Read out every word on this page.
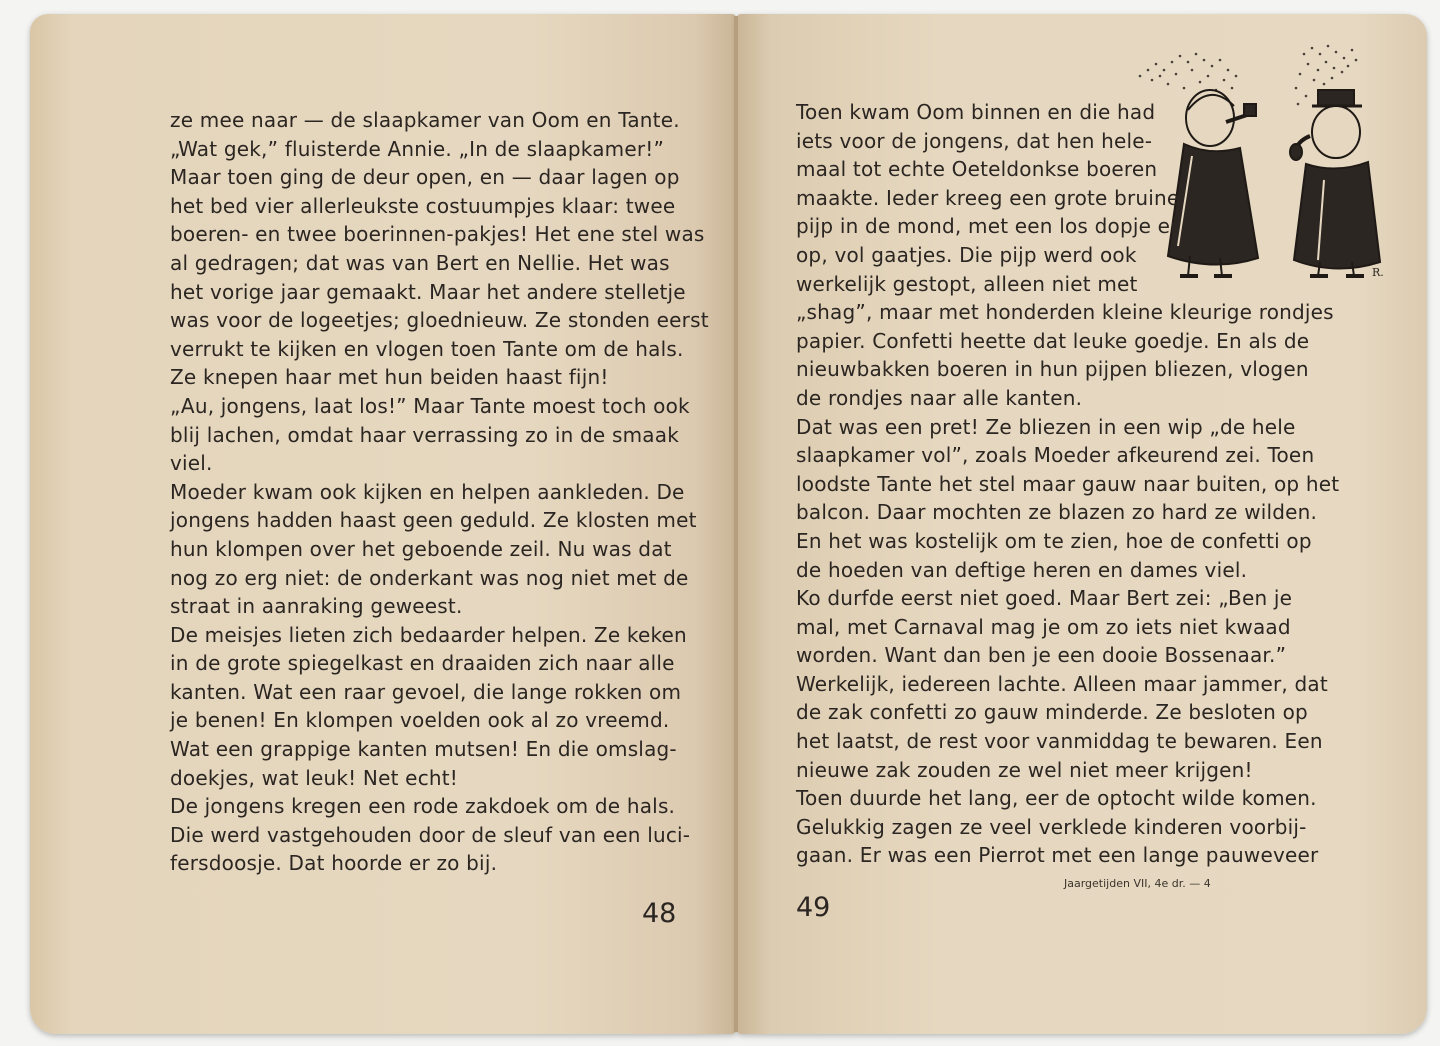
ze mee naar — de slaapkamer van Oom en Tante.
„Wat gek,” fluisterde Annie. „In de slaapkamer!”
Maar toen ging de deur open, en — daar lagen op
het bed vier allerleukste costuumpjes klaar: twee
boeren- en twee boerinnen-pakjes! Het ene stel was
al gedragen; dat was van Bert en Nellie. Het was
het vorige jaar gemaakt. Maar het andere stelletje
was voor de logeetjes; gloednieuw. Ze stonden eerst
verrukt te kijken en vlogen toen Tante om de hals.
Ze knepen haar met hun beiden haast fijn!
„Au, jongens, laat los!” Maar Tante moest toch ook
blij lachen, omdat haar verrassing zo in de smaak
viel.
Moeder kwam ook kijken en helpen aankleden. De
jongens hadden haast geen geduld. Ze klosten met
hun klompen over het geboende zeil. Nu was dat
nog zo erg niet: de onderkant was nog niet met de
straat in aanraking geweest.
De meisjes lieten zich bedaarder helpen. Ze keken
in de grote spiegelkast en draaiden zich naar alle
kanten. Wat een raar gevoel, die lange rokken om
je benen! En klompen voelden ook al zo vreemd.
Wat een grappige kanten mutsen! En die omslag-
doekjes, wat leuk! Net echt!
De jongens kregen een rode zakdoek om de hals.
Die werd vastgehouden door de sleuf van een luci-
fersdoosje. Dat hoorde er zo bij.
48
R.
Toen kwam Oom binnen en die had
iets voor de jongens, dat hen hele-
maal tot echte Oeteldonkse boeren
maakte. Ieder kreeg een grote bruine
pijp in de mond, met een los dopje er
op, vol gaatjes. Die pijp werd ook
werkelijk gestopt, alleen niet met
„shag”, maar met honderden kleine kleurige rondjes
papier. Confetti heette dat leuke goedje. En als de
nieuwbakken boeren in hun pijpen bliezen, vlogen
de rondjes naar alle kanten.
Dat was een pret! Ze bliezen in een wip „de hele
slaapkamer vol”, zoals Moeder afkeurend zei. Toen
loodste Tante het stel maar gauw naar buiten, op het
balcon. Daar mochten ze blazen zo hard ze wilden.
En het was kostelijk om te zien, hoe de confetti op
de hoeden van deftige heren en dames viel.
Ko durfde eerst niet goed. Maar Bert zei: „Ben je
mal, met Carnaval mag je om zo iets niet kwaad
worden. Want dan ben je een dooie Bossenaar.”
Werkelijk, iedereen lachte. Alleen maar jammer, dat
de zak confetti zo gauw minderde. Ze besloten op
het laatst, de rest voor vanmiddag te bewaren. Een
nieuwe zak zouden ze wel niet meer krijgen!
Toen duurde het lang, eer de optocht wilde komen.
Gelukkig zagen ze veel verklede kinderen voorbij-
gaan. Er was een Pierrot met een lange pauweveer
Jaargetijden VII, 4e dr. — 4
49
